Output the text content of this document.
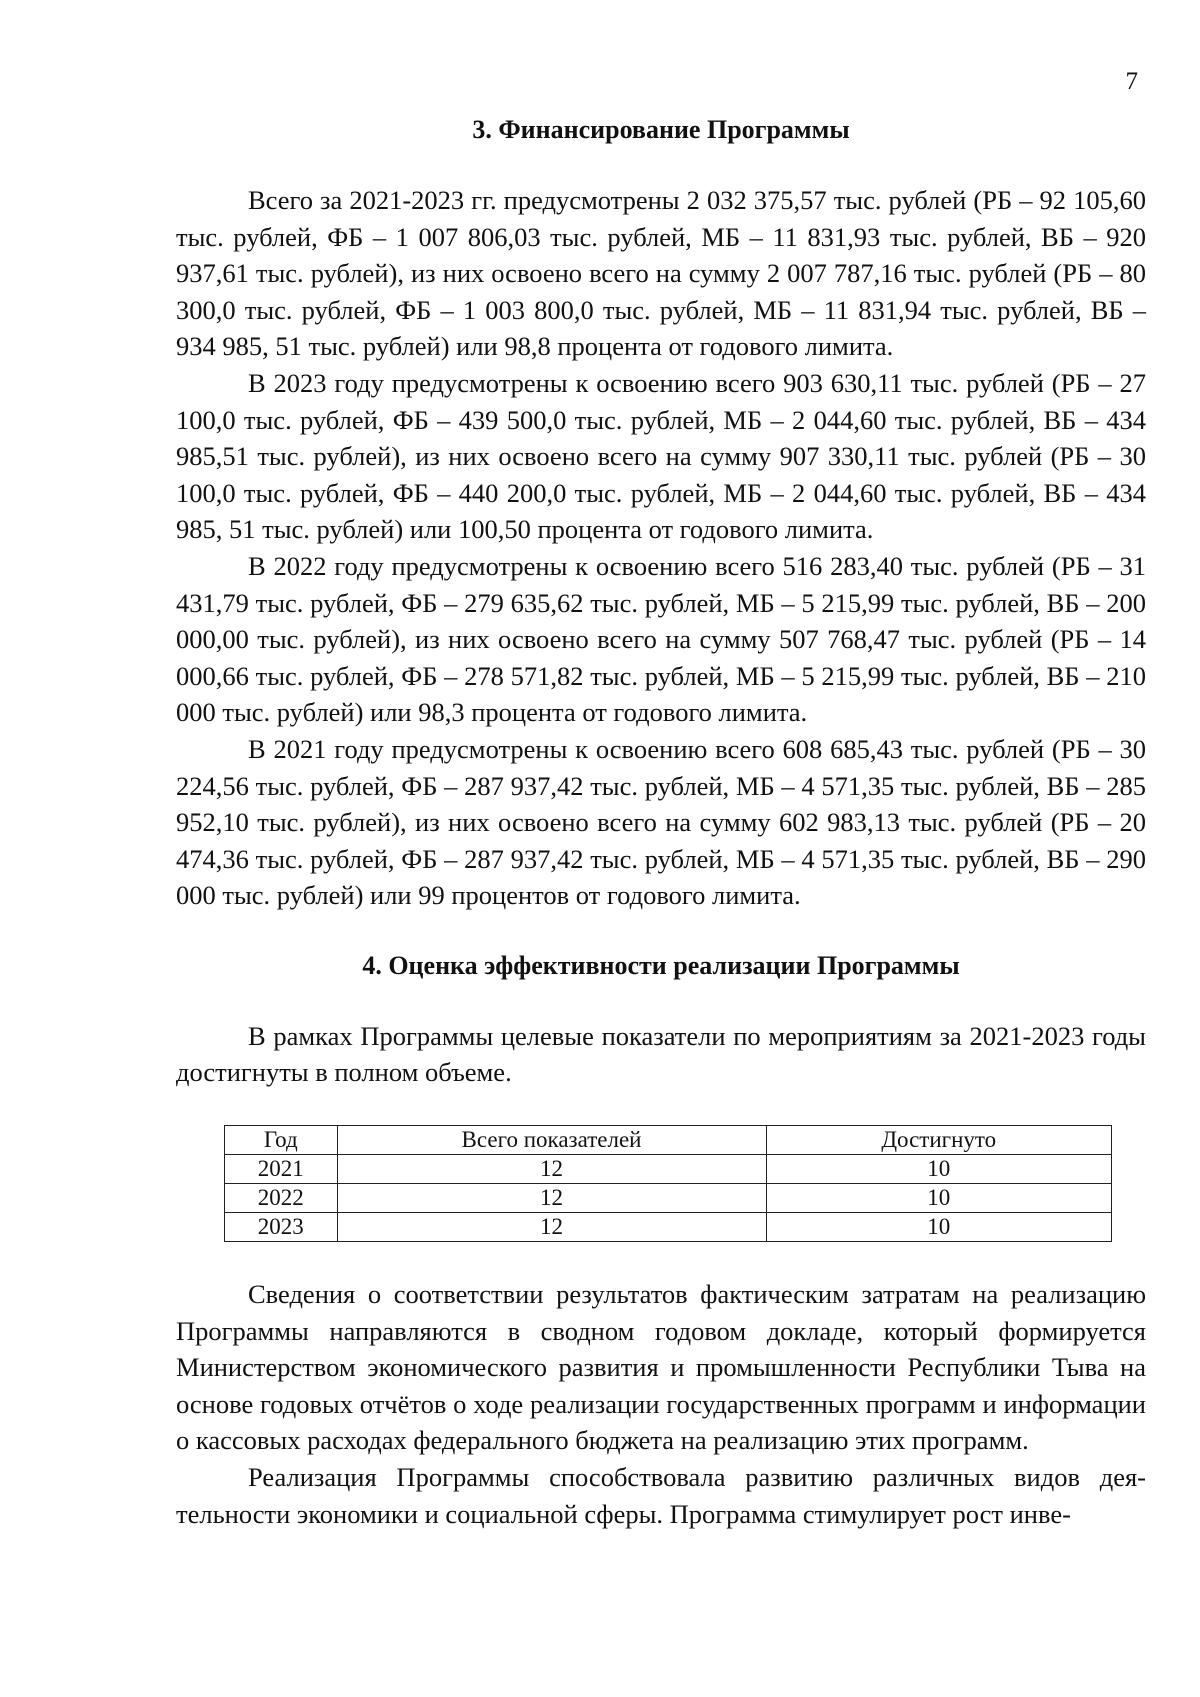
7
3. Финансирование Программы

Всего за 2021-2023 гг. предусмотрены 2 032 375,57 тыс. рублей (РБ – 92 105,60 тыс. рублей, ФБ – 1 007 806,03 тыс. рублей, МБ – 11 831,93 тыс. рублей, ВБ – 920 937,61 тыс. рублей), из них освоено всего на сумму 2 007 787,16 тыс. рублей (РБ – 80 300,0 тыс. рублей, ФБ – 1 003 800,0 тыс. рублей, МБ – 11 831,94 тыс. рублей, ВБ – 934 985, 51 тыс. рублей) или 98,8 процента от годового лимита.

В 2023 году предусмотрены к освоению всего 903 630,11 тыс. рублей (РБ – 27 100,0 тыс. рублей, ФБ – 439 500,0 тыс. рублей, МБ – 2 044,60 тыс. рублей, ВБ – 434 985,51 тыс. рублей), из них освоено всего на сумму 907 330,11 тыс. рублей (РБ – 30 100,0 тыс. рублей, ФБ – 440 200,0 тыс. рублей, МБ – 2 044,60 тыс. рублей, ВБ – 434 985, 51 тыс. рублей) или 100,50 процента от годового лимита.

В 2022 году предусмотрены к освоению всего 516 283,40 тыс. рублей (РБ – 31 431,79 тыс. рублей, ФБ – 279 635,62 тыс. рублей, МБ – 5 215,99 тыс. рублей, ВБ – 200 000,00 тыс. рублей), из них освоено всего на сумму 507 768,47 тыс. рублей (РБ – 14 000,66 тыс. рублей, ФБ – 278 571,82 тыс. рублей, МБ – 5 215,99 тыс. рублей, ВБ – 210 000 тыс. рублей) или 98,3 процента от годового лимита.

В 2021 году предусмотрены к освоению всего 608 685,43 тыс. рублей (РБ – 30 224,56 тыс. рублей, ФБ – 287 937,42 тыс. рублей, МБ – 4 571,35 тыс. рублей, ВБ – 285 952,10 тыс. рублей), из них освоено всего на сумму 602 983,13 тыс. рублей (РБ – 20 474,36 тыс. рублей, ФБ – 287 937,42 тыс. рублей, МБ – 4 571,35 тыс. рублей, ВБ – 290 000 тыс. рублей) или 99 процентов от годового лимита.

4. Оценка эффективности реализации Программы

В рамках Программы целевые показатели по мероприятиям за 2021-2023 годы достигнуты в полном объеме.

Год	Всего показателей	Достигнуто
2021	12	10
2022	12	10
2023	12	10

Сведения о соответствии результатов фактическим затратам на реализацию Программы направляются в сводном годовом докладе, который формируется Министерством экономического развития и промышленности Республики Тыва на основе годовых отчётов о ходе реализации государственных программ и информации о кассовых расходах федерального бюджета на реализацию этих программ.

Реализация Программы способствовала развитию различных видов деятельности экономики и социальной сферы. Программа стимулирует рост инве-
